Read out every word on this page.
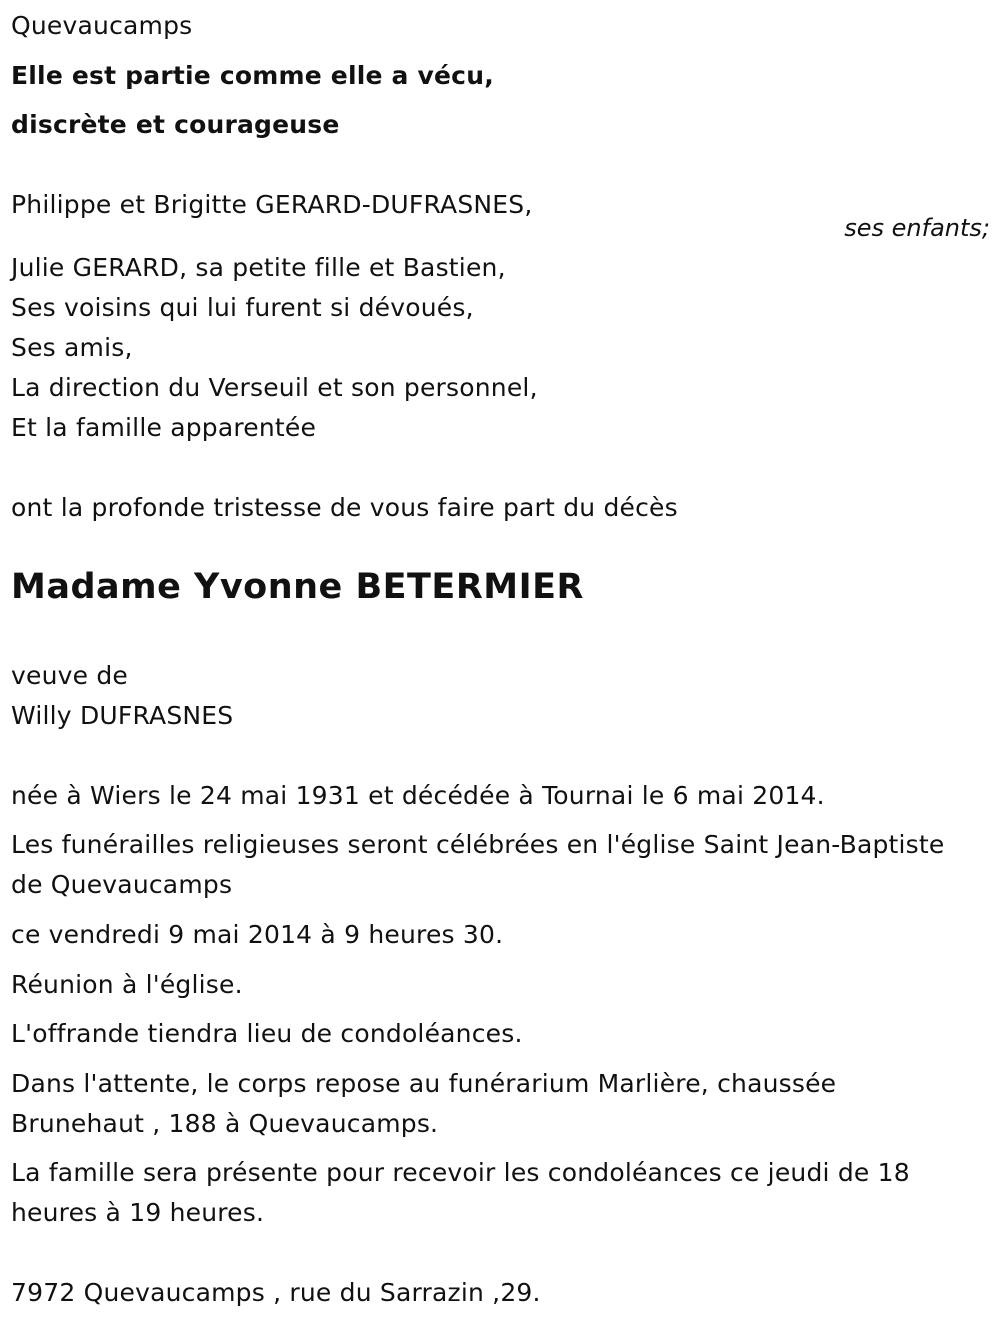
Quevaucamps
Elle est partie comme elle a vécu,
discrète et courageuse
Philippe et Brigitte GERARD-DUFRASNES,
ses enfants;
Julie GERARD, sa petite fille et Bastien,
Ses voisins qui lui furent si dévoués,
Ses amis,
La direction du Verseuil et son personnel,
Et la famille apparentée
ont la profonde tristesse de vous faire part du décès
Madame Yvonne BETERMIER
veuve de
Willy DUFRASNES
née à Wiers le 24 mai 1931 et décédée à Tournai le 6 mai 2014.
Les funérailles religieuses seront célébrées en l'église Saint Jean-Baptiste
de Quevaucamps
ce vendredi 9 mai 2014 à 9 heures 30.
Réunion à l'église.
L'offrande tiendra lieu de condoléances.
Dans l'attente, le corps repose au funérarium Marlière, chaussée
Brunehaut , 188 à Quevaucamps.
La famille sera présente pour recevoir les condoléances ce jeudi de 18
heures à 19 heures.
7972 Quevaucamps , rue du Sarrazin ,29.
